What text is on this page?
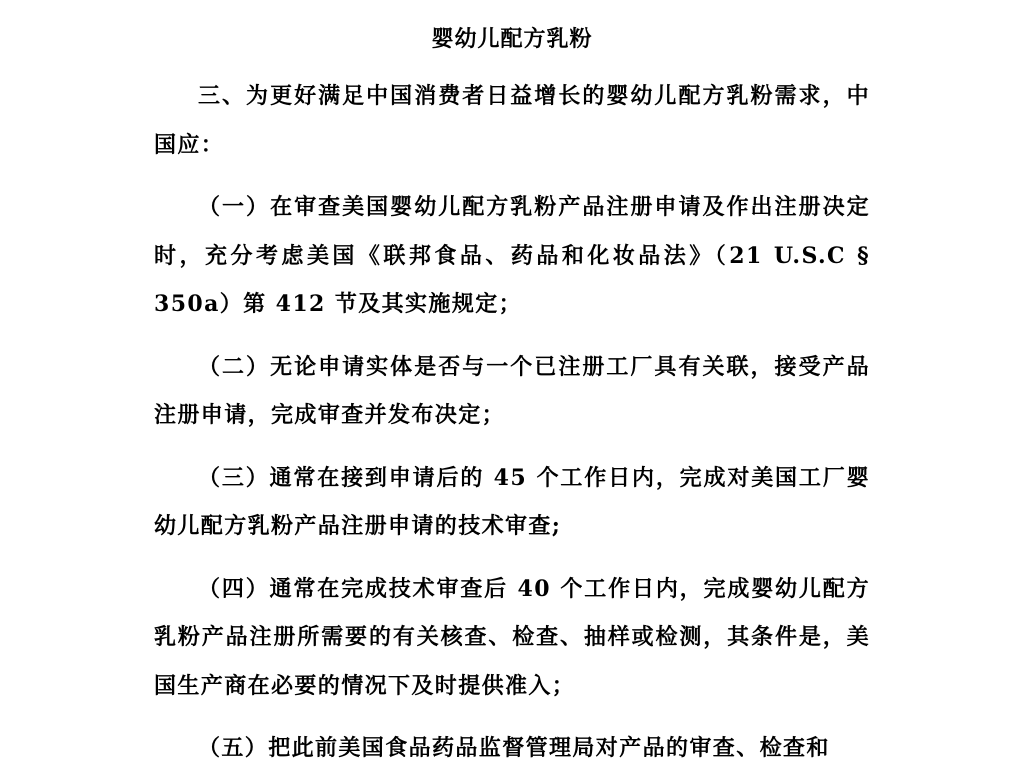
婴幼儿配方乳粉

三、为更好满足中国消费者日益增长的婴幼儿配方乳粉需求，中国应：

（一）在审查美国婴幼儿配方乳粉产品注册申请及作出注册决定时，充分考虑美国《联邦食品、药品和化妆品法》（21 U.S.C § 350a）第 412 节及其实施规定；

（二）无论申请实体是否与一个已注册工厂具有关联，接受产品注册申请，完成审查并发布决定；

（三）通常在接到申请后的 45 个工作日内，完成对美国工厂婴幼儿配方乳粉产品注册申请的技术审查;

（四）通常在完成技术审查后 40 个工作日内，完成婴幼儿配方乳粉产品注册所需要的有关核查、检查、抽样或检测，其条件是，美国生产商在必要的情况下及时提供准入；

（五）把此前美国食品药品监督管理局对产品的审查、检查和
